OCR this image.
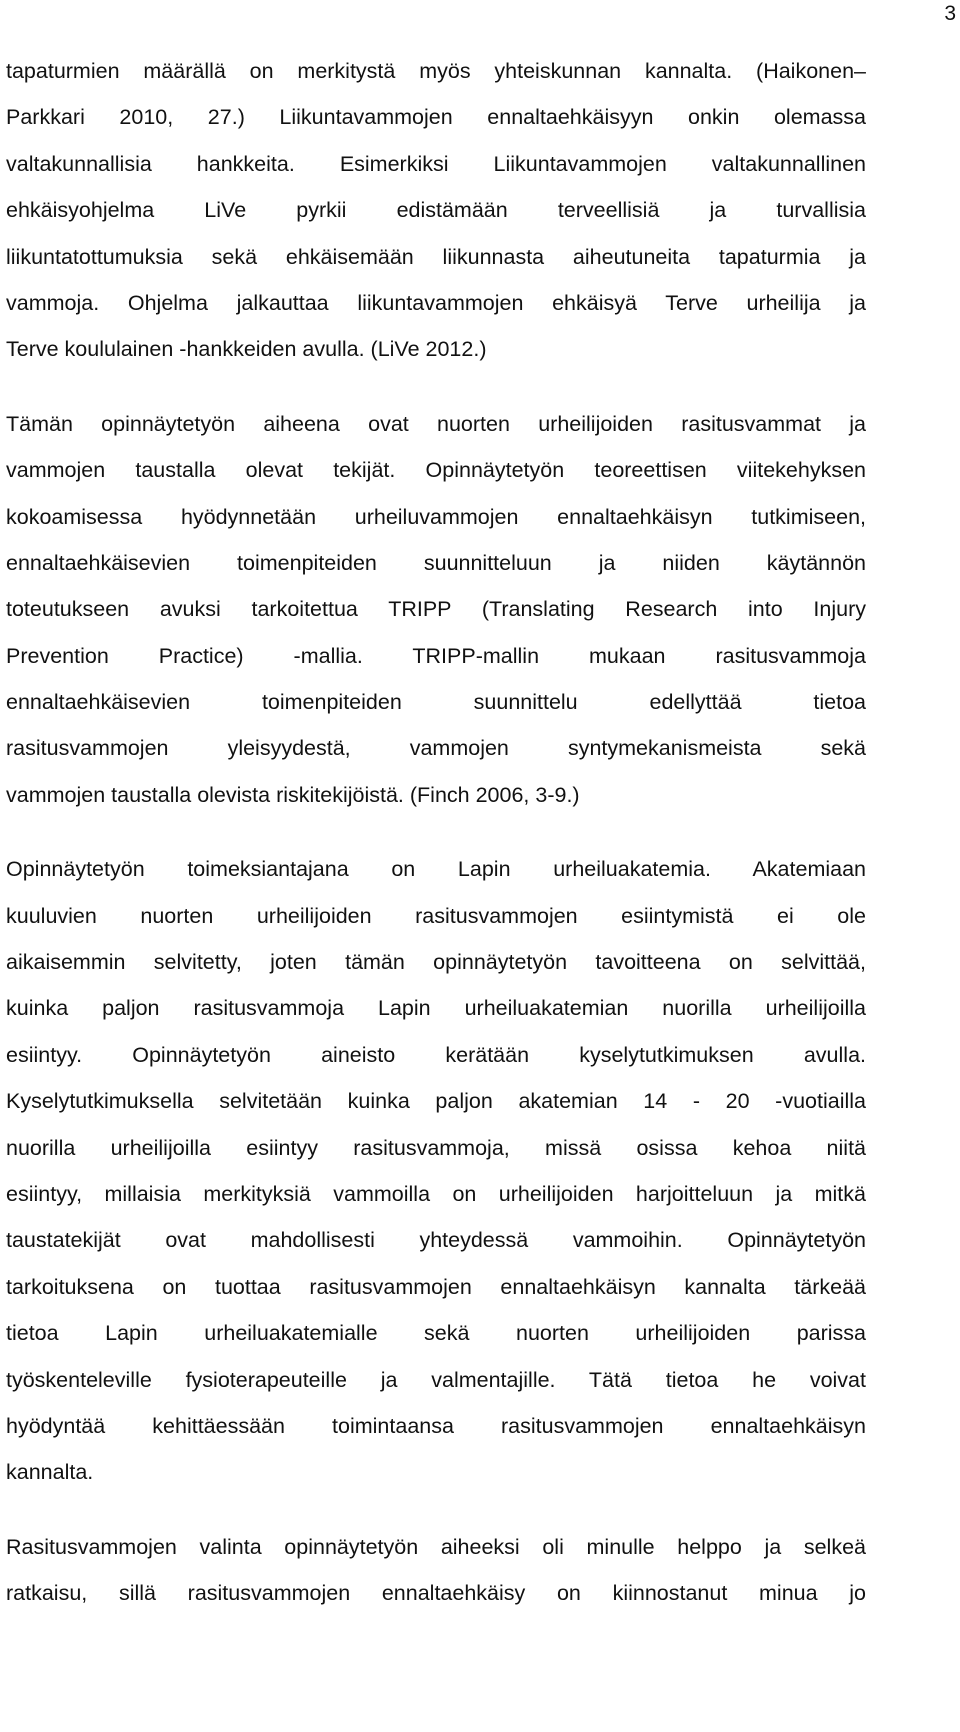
3
tapaturmien määrällä on merkitystä myös yhteiskunnan kannalta. (Haikonen–
Parkkari 2010, 27.) Liikuntavammojen ennaltaehkäisyyn onkin olemassa
valtakunnallisia hankkeita. Esimerkiksi Liikuntavammojen valtakunnallinen
ehkäisyohjelma LiVe pyrkii edistämään terveellisiä ja turvallisia
liikuntatottumuksia sekä ehkäisemään liikunnasta aiheutuneita tapaturmia ja
vammoja. Ohjelma jalkauttaa liikuntavammojen ehkäisyä Terve urheilija ja
Terve koululainen -hankkeiden avulla. (LiVe 2012.)
Tämän opinnäytetyön aiheena ovat nuorten urheilijoiden rasitusvammat ja
vammojen taustalla olevat tekijät. Opinnäytetyön teoreettisen viitekehyksen
kokoamisessa hyödynnetään urheiluvammojen ennaltaehkäisyn tutkimiseen,
ennaltaehkäisevien toimenpiteiden suunnitteluun ja niiden käytännön
toteutukseen avuksi tarkoitettua TRIPP (Translating Research into Injury
Prevention Practice) -mallia. TRIPP-mallin mukaan rasitusvammoja
ennaltaehkäisevien toimenpiteiden suunnittelu edellyttää tietoa
rasitusvammojen yleisyydestä, vammojen syntymekanismeista sekä
vammojen taustalla olevista riskitekijöistä. (Finch 2006, 3-9.)
Opinnäytetyön toimeksiantajana on Lapin urheiluakatemia. Akatemiaan
kuuluvien nuorten urheilijoiden rasitusvammojen esiintymistä ei ole
aikaisemmin selvitetty, joten tämän opinnäytetyön tavoitteena on selvittää,
kuinka paljon rasitusvammoja Lapin urheiluakatemian nuorilla urheilijoilla
esiintyy. Opinnäytetyön aineisto kerätään kyselytutkimuksen avulla.
Kyselytutkimuksella selvitetään kuinka paljon akatemian 14 - 20 -vuotiailla
nuorilla urheilijoilla esiintyy rasitusvammoja, missä osissa kehoa niitä
esiintyy, millaisia merkityksiä vammoilla on urheilijoiden harjoitteluun ja mitkä
taustatekijät ovat mahdollisesti yhteydessä vammoihin. Opinnäytetyön
tarkoituksena on tuottaa rasitusvammojen ennaltaehkäisyn kannalta tärkeää
tietoa Lapin urheiluakatemialle sekä nuorten urheilijoiden parissa
työskenteleville fysioterapeuteille ja valmentajille. Tätä tietoa he voivat
hyödyntää kehittäessään toimintaansa rasitusvammojen ennaltaehkäisyn
kannalta.
Rasitusvammojen valinta opinnäytetyön aiheeksi oli minulle helppo ja selkeä
ratkaisu, sillä rasitusvammojen ennaltaehkäisy on kiinnostanut minua jo
